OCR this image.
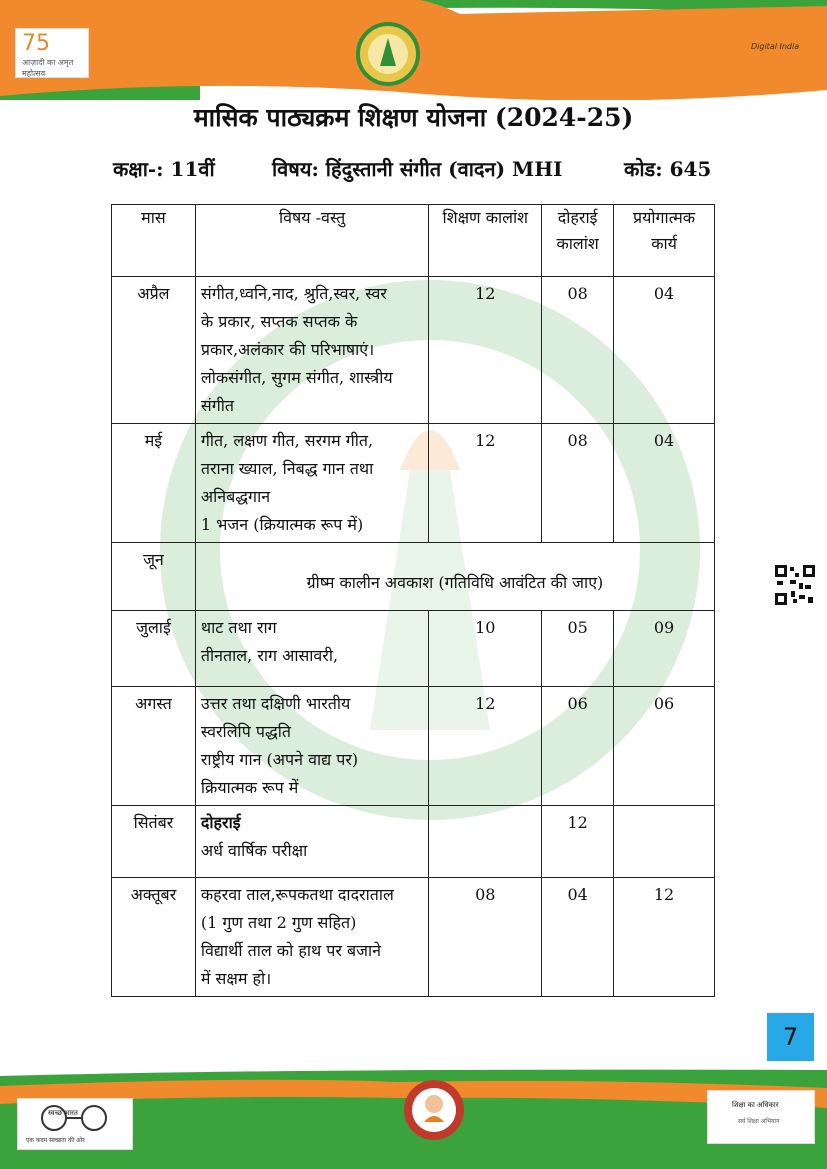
75
आज़ादी का अमृत महोत्सव
Digital India
मासिक पाठ्यक्रम शिक्षण योजना (2024-25)
कक्षा-: 11वीं	विषय: हिंदुस्तानी संगीत (वादन) MHI	कोड: 645
मास	विषय -वस्तु	शिक्षण कालांश	दोहराई कालांश	प्रयोगात्मक कार्य
अप्रैल	संगीत,ध्वनि,नाद, श्रुति,स्वर, स्वर
के प्रकार, सप्तक सप्तक के
प्रकार,अलंकार की परिभाषाएं।
लोकसंगीत, सुगम संगीत, शास्त्रीय
संगीत	12	08	04
मई	गीत, लक्षण गीत, सरगम गीत,
तराना ख्याल, निबद्ध गान तथा
अनिबद्धगान
1 भजन (क्रियात्मक रूप में)	12	08	04
जून	ग्रीष्म कालीन अवकाश (गतिविधि आवंटित की जाए)			
जुलाई	थाट तथा राग
तीनताल, राग आसावरी,	10	05	09
अगस्त	उत्तर तथा दक्षिणी भारतीय
स्वरलिपि पद्धति
राष्ट्रीय गान (अपने वाद्य पर)
क्रियात्मक रूप में	12	06	06
सितंबर	दोहराई
अर्ध वार्षिक परीक्षा		12	
अक्तूबर	कहरवा ताल,रूपकतथा दादराताल
(1 गुण तथा 2 गुण सहित)
विद्यार्थी ताल को हाथ पर बजाने
में सक्षम हो।	08	04	12
7
स्वच्छ भारत
एक कदम स्वच्छता की ओर
शिक्षा का अधिकार
सर्व शिक्षा अभियान
